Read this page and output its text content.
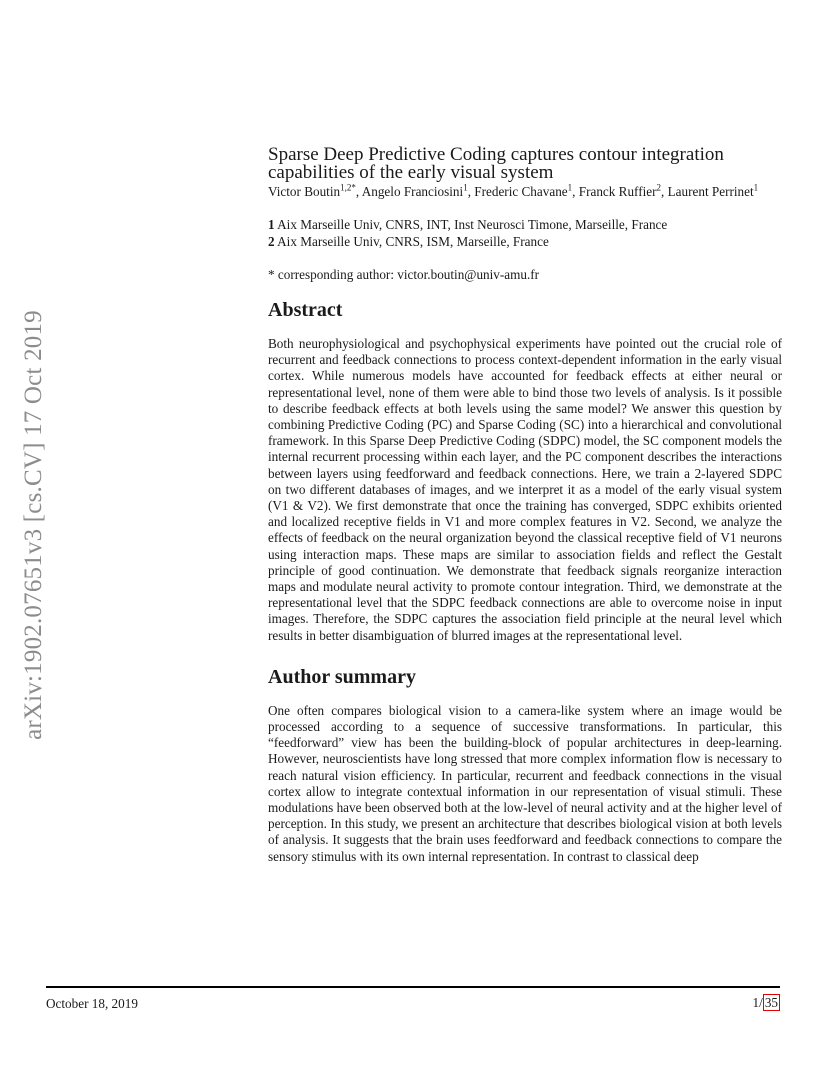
arXiv:1902.07651v3 [cs.CV] 17 Oct 2019
Sparse Deep Predictive Coding captures contour integration capabilities of the early visual system
Victor Boutin$^{1,2*}$, Angelo Franciosini$^1$, Frederic Chavane$^1$, Franck Ruffier$^2$, Laurent Perrinet$^1$
1 Aix Marseille Univ, CNRS, INT, Inst Neurosci Timone, Marseille, France
2 Aix Marseille Univ, CNRS, ISM, Marseille, France
* corresponding author: victor.boutin@univ-amu.fr
Abstract
Both neurophysiological and psychophysical experiments have pointed out the crucial role of recurrent and feedback connections to process context-dependent information in the early visual cortex. While numerous models have accounted for feedback effects at either neural or representational level, none of them were able to bind those two levels of analysis. Is it possible to describe feedback effects at both levels using the same model? We answer this question by combining Predictive Coding (PC) and Sparse Coding (SC) into a hierarchical and convolutional framework. In this Sparse Deep Predictive Coding (SDPC) model, the SC component models the internal recurrent processing within each layer, and the PC component describes the interactions between layers using feedforward and feedback connections. Here, we train a 2-layered SDPC on two different databases of images, and we interpret it as a model of the early visual system (V1 & V2). We first demonstrate that once the training has converged, SDPC exhibits oriented and localized receptive fields in V1 and more complex features in V2. Second, we analyze the effects of feedback on the neural organization beyond the classical receptive field of V1 neurons using interaction maps. These maps are similar to association fields and reflect the Gestalt principle of good continuation. We demonstrate that feedback signals reorganize interaction maps and modulate neural activity to promote contour integration. Third, we demonstrate at the representational level that the SDPC feedback connections are able to overcome noise in input images. Therefore, the SDPC captures the association field principle at the neural level which results in better disambiguation of blurred images at the representational level.
Author summary
One often compares biological vision to a camera-like system where an image would be processed according to a sequence of successive transformations. In particular, this “feedforward” view has been the building-block of popular architectures in deep-learning. However, neuroscientists have long stressed that more complex information flow is necessary to reach natural vision efficiency. In particular, recurrent and feedback connections in the visual cortex allow to integrate contextual information in our representation of visual stimuli. These modulations have been observed both at the low-level of neural activity and at the higher level of perception. In this study, we present an architecture that describes biological vision at both levels of analysis. It suggests that the brain uses feedforward and feedback connections to compare the sensory stimulus with its own internal representation. In contrast to classical deep
October 18, 2019	1/ 35
